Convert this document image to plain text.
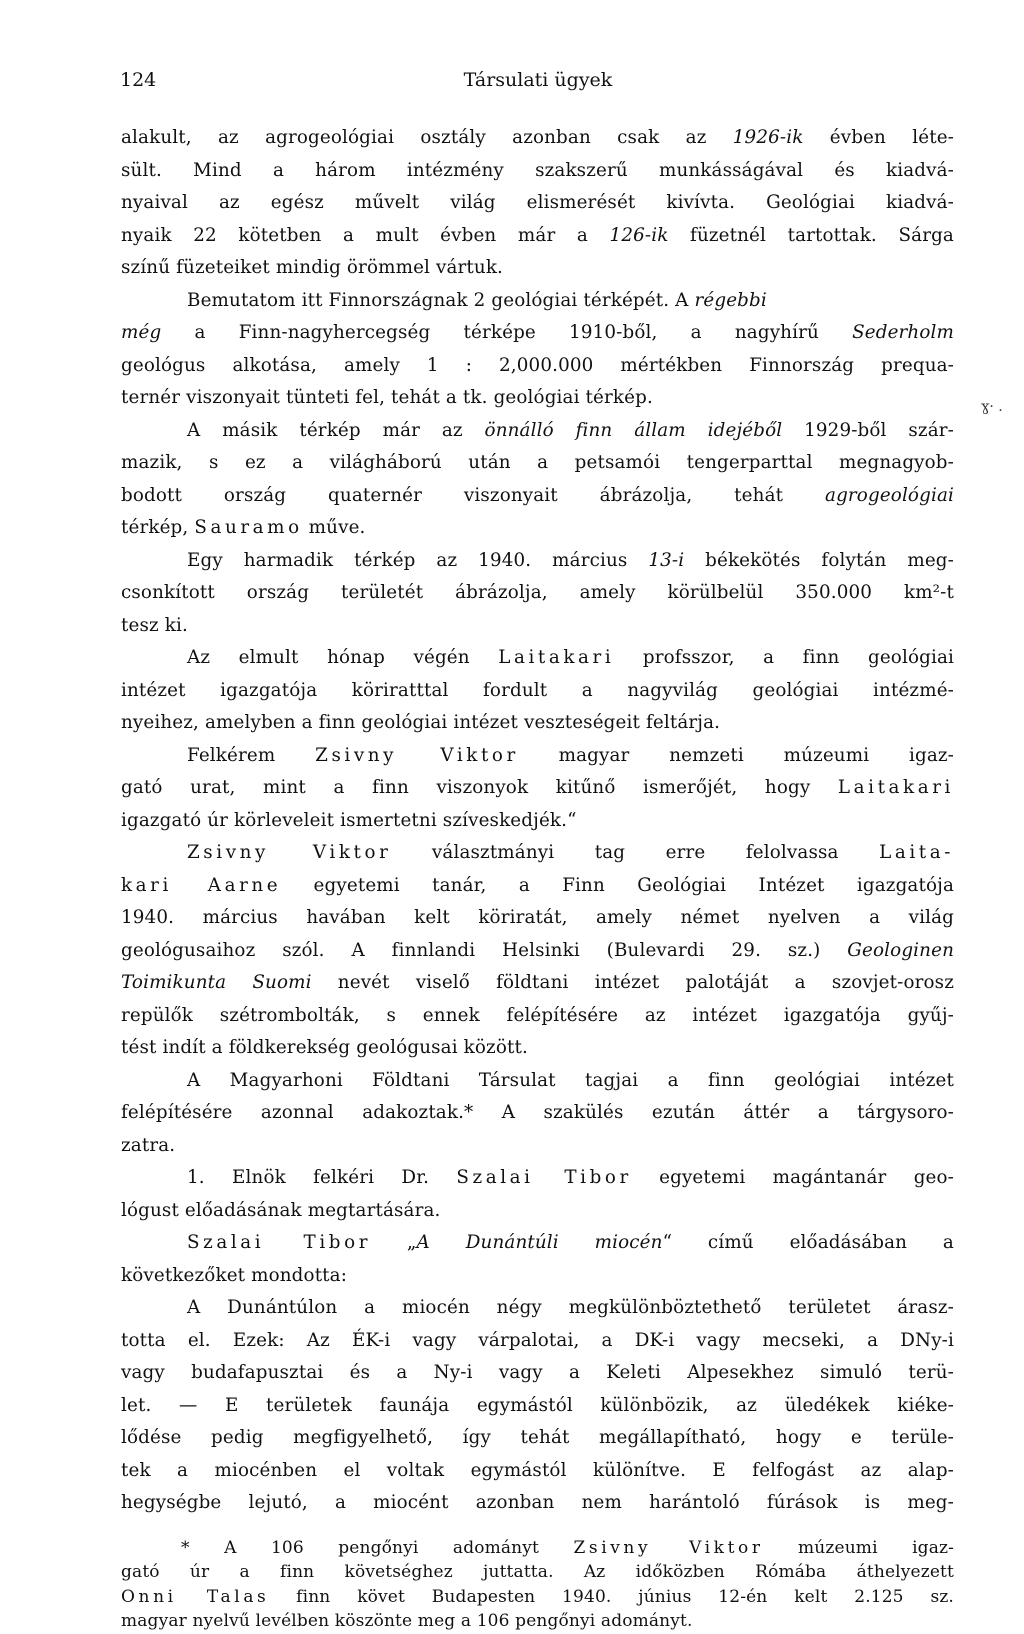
124	Társulati ügyek
ɣ· .
alakult, az agrogeológiai osztály azonban csak az 1926-ik évben léte-
sült. Mind a három intézmény szakszerű munkásságával és kiadvá-
nyaival az egész művelt világ elismerését kivívta. Geológiai kiadvá-
nyaik 22 kötetben a mult évben már a 126-ik füzetnél tartottak. Sárga
színű füzeteiket mindig örömmel vártuk.
Bemutatom itt Finnországnak 2 geológiai térképét. A régebbi
még a Finn-nagyhercegség térképe 1910-ből, a nagyhírű Sederholm
geológus alkotása, amely 1 : 2,000.000 mértékben Finnország prequa-
ternér viszonyait tünteti fel, tehát a tk. geológiai térkép.
A másik térkép már az önnálló finn állam idejéből 1929-ből szár-
mazik, s ez a világháború után a petsamói tengerparttal megnagyob-
bodott ország quaternér viszonyait ábrázolja, tehát agrogeológiai
térkép, Sauramo műve.
Egy harmadik térkép az 1940. március 13-i békekötés folytán meg-
csonkított ország területét ábrázolja, amely körülbelül 350.000 km²-t
tesz ki.
Az elmult hónap végén Laitakari profsszor, a finn geológiai
intézet igazgatója köriratttal fordult a nagyvilág geológiai intézmé-
nyeihez, amelyben a finn geológiai intézet veszteségeit feltárja.
Felkérem Zsivny Viktor magyar nemzeti múzeumi igaz-
gató urat, mint a finn viszonyok kitűnő ismerőjét, hogy Laitakari
igazgató úr körleveleit ismertetni szíveskedjék.“
Zsivny Viktor választmányi tag erre felolvassa Laita-
kari Aarne egyetemi tanár, a Finn Geológiai Intézet igazgatója
1940. március havában kelt köriratát, amely német nyelven a világ
geológusaihoz szól. A finnlandi Helsinki (Bulevardi 29. sz.) Geologinen
Toimikunta Suomi nevét viselő földtani intézet palotáját a szovjet-orosz
repülők szétrombolták, s ennek felépítésére az intézet igazgatója gyűj-
tést indít a földkerekség geológusai között.
A Magyarhoni Földtani Társulat tagjai a finn geológiai intézet
felépítésére azonnal adakoztak.* A szakülés ezután áttér a tárgysoro-
zatra.
1. Elnök felkéri Dr. Szalai Tibor egyetemi magántanár geo-
lógust előadásának megtartására.
Szalai Tibor „A Dunántúli miocén“ című előadásában a
következőket mondotta:
A Dunántúlon a miocén négy megkülönböztethető területet árasz-
totta el. Ezek: Az ÉK-i vagy várpalotai, a DK-i vagy mecseki, a DNy-i
vagy budafapusztai és a Ny-i vagy a Keleti Alpesekhez simuló terü-
let. — E területek faunája egymástól különbözik, az üledékek kiéke-
lődése pedig megfigyelhető, így tehát megállapítható, hogy e terüle-
tek a miocénben el voltak egymástól különítve. E felfogást az alap-
hegységbe lejutó, a miocént azonban nem harántoló fúrások is meg-
* A 106 pengőnyi adományt Zsivny Viktor múzeumi igaz-
gató úr a finn követséghez juttatta. Az időközben Rómába áthelyezett
Onni Talas finn követ Budapesten 1940. június 12-én kelt 2.125 sz.
magyar nyelvű levélben köszönte meg a 106 pengőnyi adományt.
